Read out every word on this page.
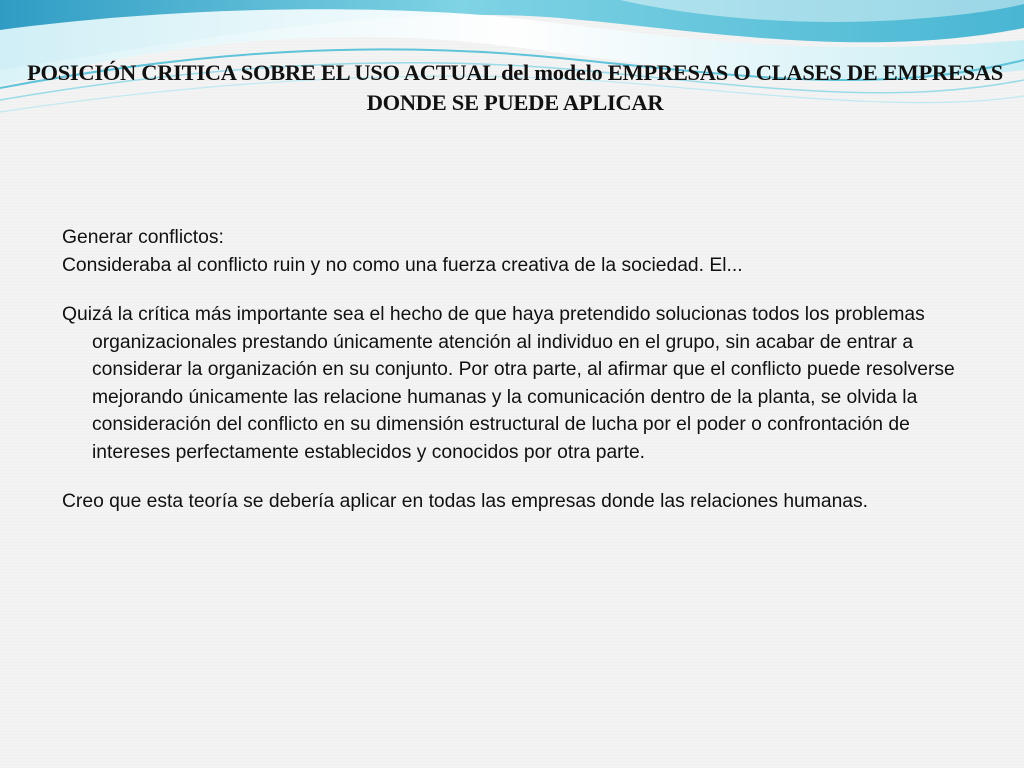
POSICIÓN CRITICA SOBRE EL USO ACTUAL del modelo EMPRESAS O CLASES DE EMPRESAS DONDE SE PUEDE APLICAR

Generar conflictos:

Consideraba al conflicto ruin y no como una fuerza creativa de la sociedad. El...

Quizá la crítica más importante sea el hecho de que haya pretendido solucionas todos los problemas organizacionales prestando únicamente atención al individuo en el grupo, sin acabar de entrar a considerar la organización en su conjunto. Por otra parte, al afirmar que el conflicto puede resolverse mejorando únicamente las relacione humanas y la comunicación dentro de la planta, se olvida la consideración del conflicto en su dimensión estructural de lucha por el poder o confrontación de intereses perfectamente establecidos y conocidos por otra parte.

Creo que esta teoría se debería aplicar en todas las empresas donde las relaciones humanas.
